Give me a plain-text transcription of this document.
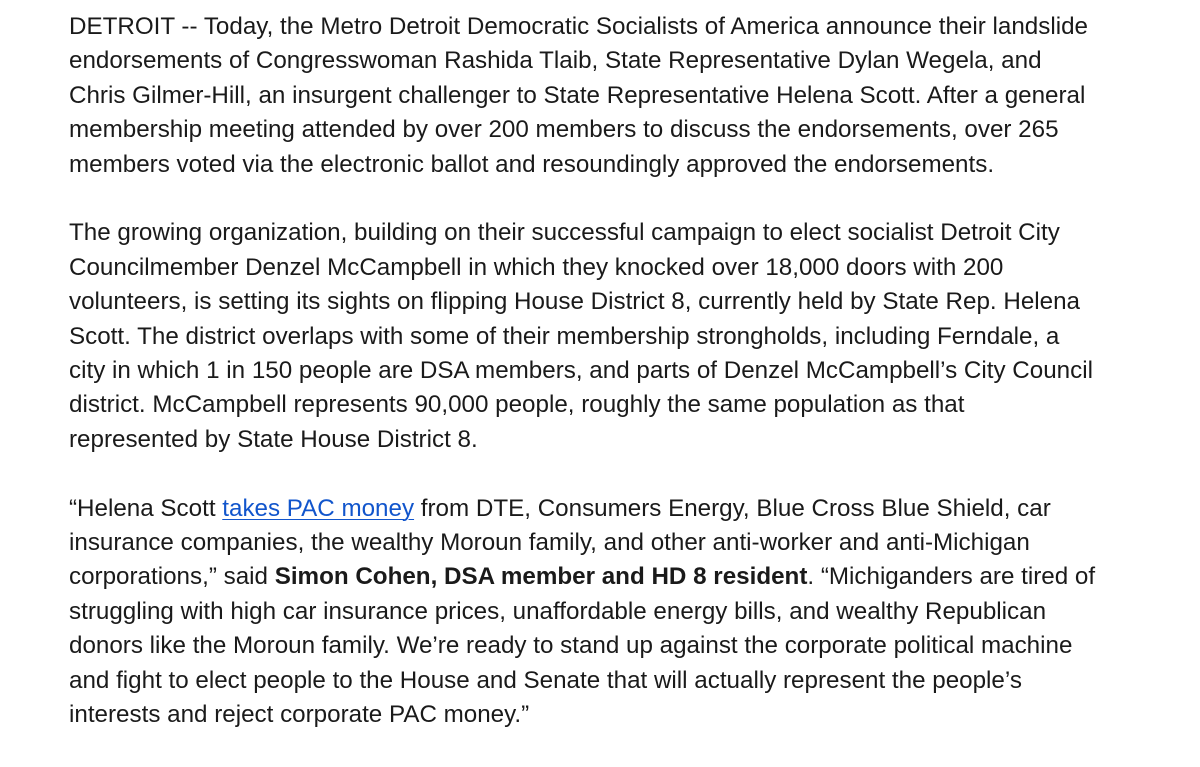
DETROIT -- Today, the Metro Detroit Democratic Socialists of America announce their landslide
endorsements of Congresswoman Rashida Tlaib, State Representative Dylan Wegela, and
Chris Gilmer-Hill, an insurgent challenger to State Representative Helena Scott. After a general
membership meeting attended by over 200 members to discuss the endorsements, over 265
members voted via the electronic ballot and resoundingly approved the endorsements.

The growing organization, building on their successful campaign to elect socialist Detroit City
Councilmember Denzel McCampbell in which they knocked over 18,000 doors with 200
volunteers, is setting its sights on flipping House District 8, currently held by State Rep. Helena
Scott. The district overlaps with some of their membership strongholds, including Ferndale, a
city in which 1 in 150 people are DSA members, and parts of Denzel McCampbell’s City Council
district. McCampbell represents 90,000 people, roughly the same population as that
represented by State House District 8.

“Helena Scott takes PAC money from DTE, Consumers Energy, Blue Cross Blue Shield, car
insurance companies, the wealthy Moroun family, and other anti-worker and anti-Michigan
corporations,” said Simon Cohen, DSA member and HD 8 resident. “Michiganders are tired of
struggling with high car insurance prices, unaffordable energy bills, and wealthy Republican
donors like the Moroun family. We’re ready to stand up against the corporate political machine
and fight to elect people to the House and Senate that will actually represent the people’s
interests and reject corporate PAC money.”
